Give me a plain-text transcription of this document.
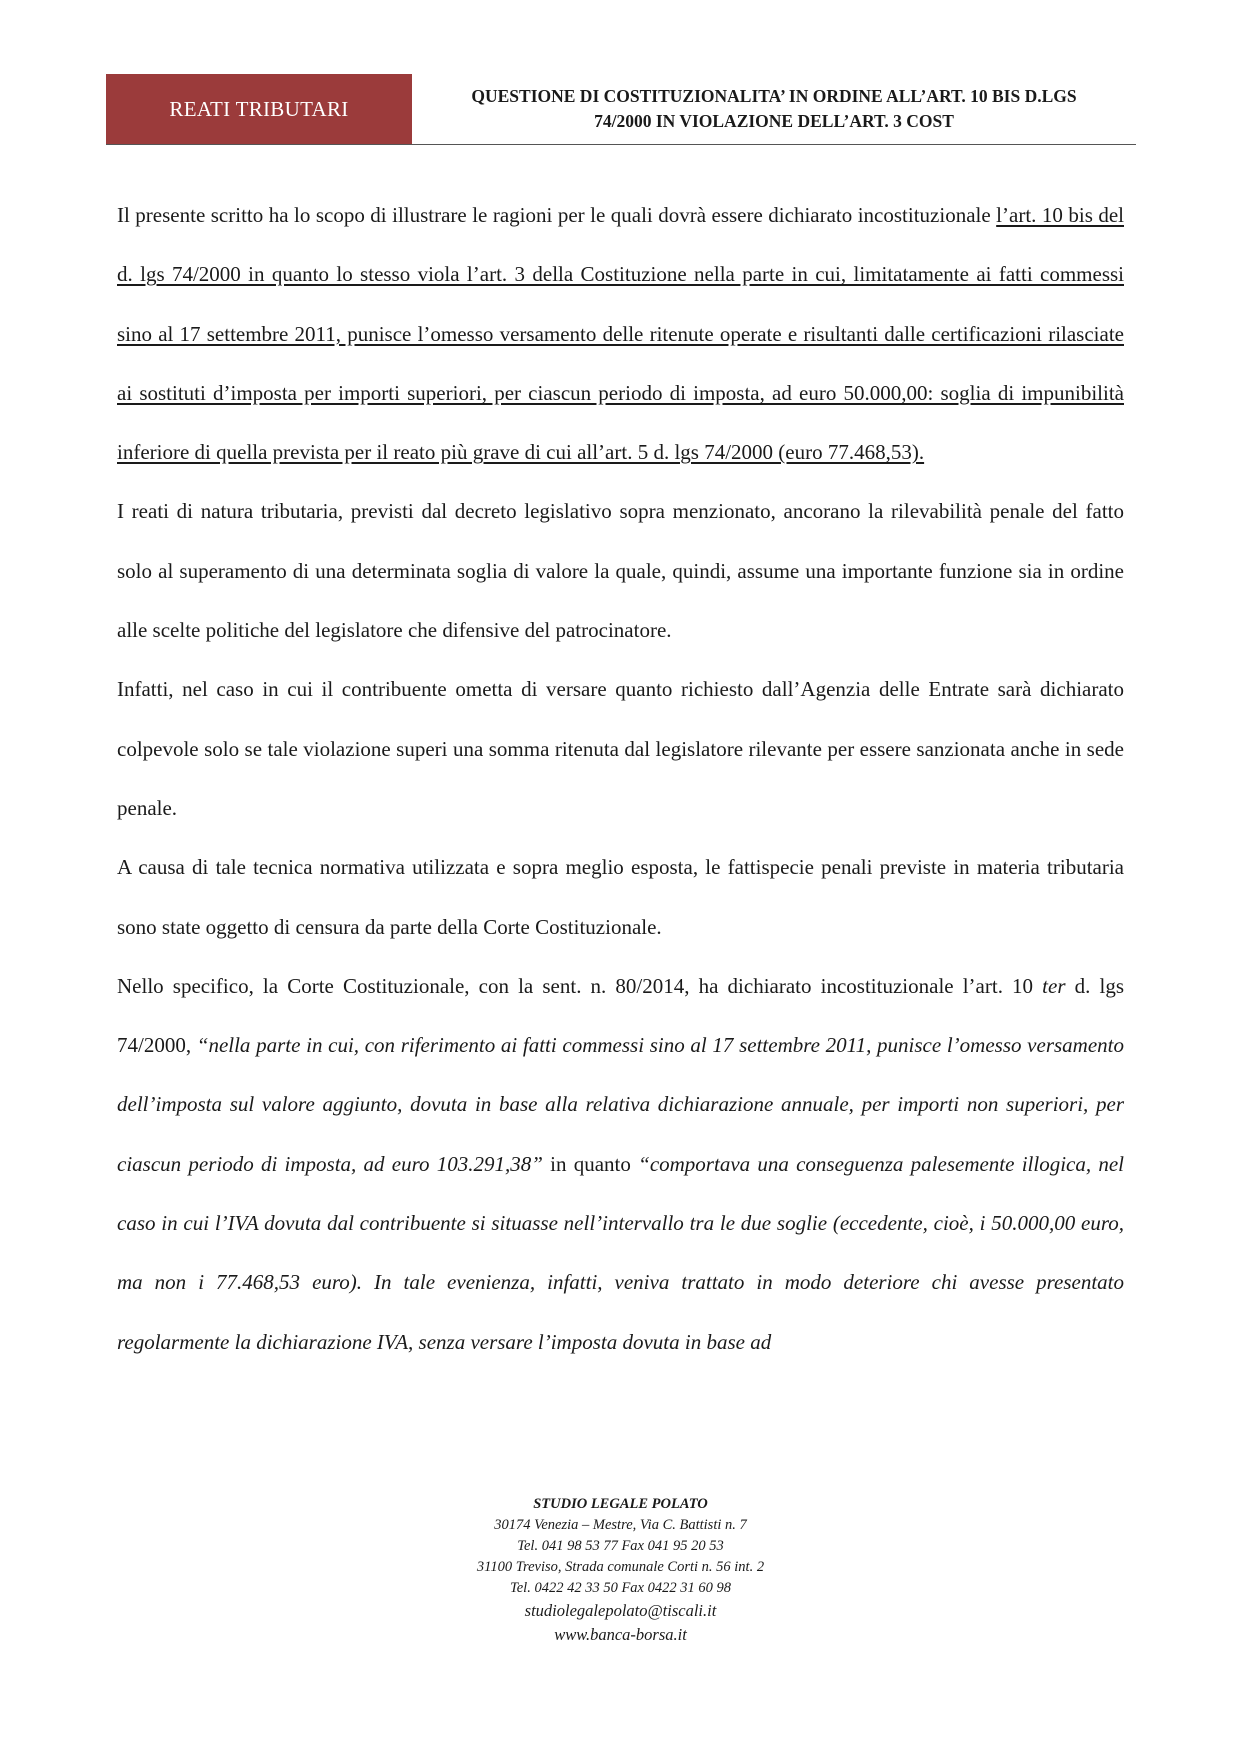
REATI TRIBUTARI
QUESTIONE DI COSTITUZIONALITA’ IN ORDINE ALL’ART. 10 BIS D.LGS
74/2000 IN VIOLAZIONE DELL’ART. 3 COST

Il presente scritto ha lo scopo di illustrare le ragioni per le quali dovrà essere dichiarato incostituzionale l’art. 10 bis del d. lgs 74/2000 in quanto lo stesso viola l’art. 3 della Costituzione nella parte in cui, limitatamente ai fatti commessi sino al 17 settembre 2011, punisce l’omesso versamento delle ritenute operate e risultanti dalle certificazioni rilasciate ai sostituti d’imposta per importi superiori, per ciascun periodo di imposta, ad euro 50.000,00: soglia di impunibilità inferiore di quella prevista per il reato più grave di cui all’art. 5 d. lgs 74/2000 (euro 77.468,53).

I reati di natura tributaria, previsti dal decreto legislativo sopra menzionato, ancorano la rilevabilità penale del fatto solo al superamento di una determinata soglia di valore la quale, quindi, assume una importante funzione sia in ordine alle scelte politiche del legislatore che difensive del patrocinatore.

Infatti, nel caso in cui il contribuente ometta di versare quanto richiesto dall’Agenzia delle Entrate sarà dichiarato colpevole solo se tale violazione superi una somma ritenuta dal legislatore rilevante per essere sanzionata anche in sede penale.

A causa di tale tecnica normativa utilizzata e sopra meglio esposta, le fattispecie penali previste in materia tributaria sono state oggetto di censura da parte della Corte Costituzionale.

Nello specifico, la Corte Costituzionale, con la sent. n. 80/2014, ha dichiarato incostituzionale l’art. 10 ter d. lgs 74/2000, “nella parte in cui, con riferimento ai fatti commessi sino al 17 settembre 2011, punisce l’omesso versamento dell’imposta sul valore aggiunto, dovuta in base alla relativa dichiarazione annuale, per importi non superiori, per ciascun periodo di imposta, ad euro 103.291,38” in quanto “comportava una conseguenza palesemente illogica, nel caso in cui l’IVA dovuta dal contribuente si situasse nell’intervallo tra le due soglie (eccedente, cioè, i 50.000,00 euro, ma non i 77.468,53 euro). In tale evenienza, infatti, veniva trattato in modo deteriore chi avesse presentato regolarmente la dichiarazione IVA, senza versare l’imposta dovuta in base ad

STUDIO LEGALE POLATO
30174 Venezia – Mestre, Via C. Battisti n. 7
Tel. 041 98 53 77 Fax 041 95 20 53
31100 Treviso, Strada comunale Corti n. 56 int. 2
Tel. 0422 42 33 50 Fax 0422 31 60 98
studiolegalepolato@tiscali.it
www.banca-borsa.it
